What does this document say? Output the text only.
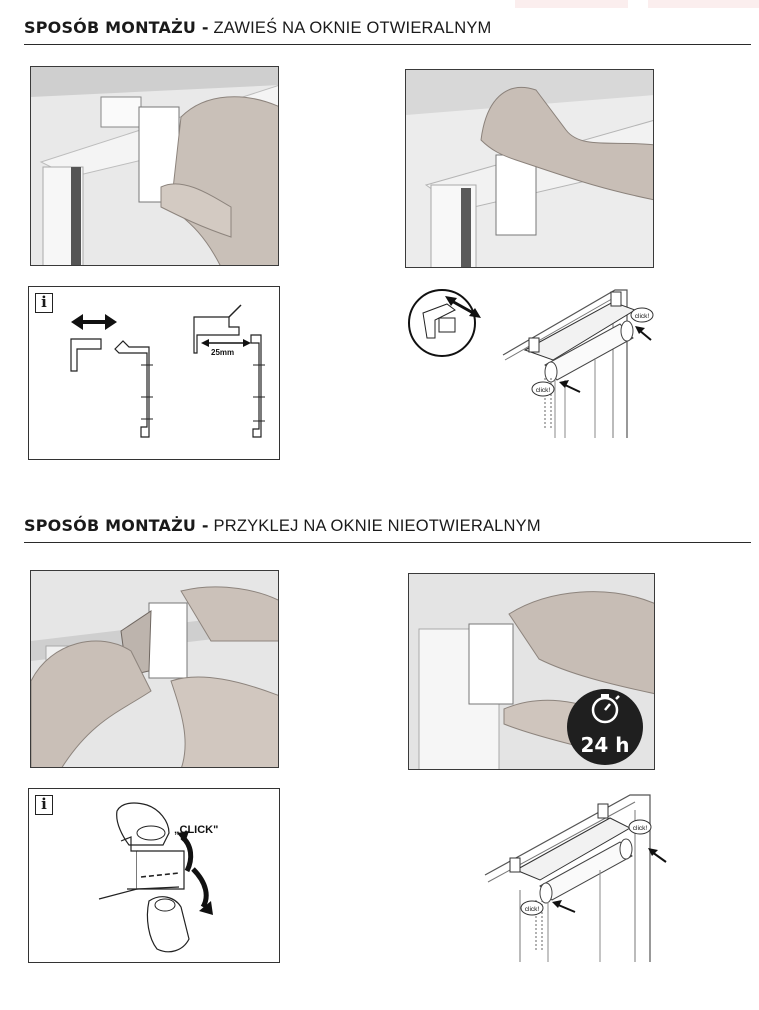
SPOSÓB MONTAŻU - ZAWIEŚ NA OKNIE OTWIERALNYM
i
25mm
click!
click!
SPOSÓB MONTAŻU - PRZYKLEJ NA OKNIE NIEOTWIERALNYM
24 h
i
„CLICK"	click!
click!
